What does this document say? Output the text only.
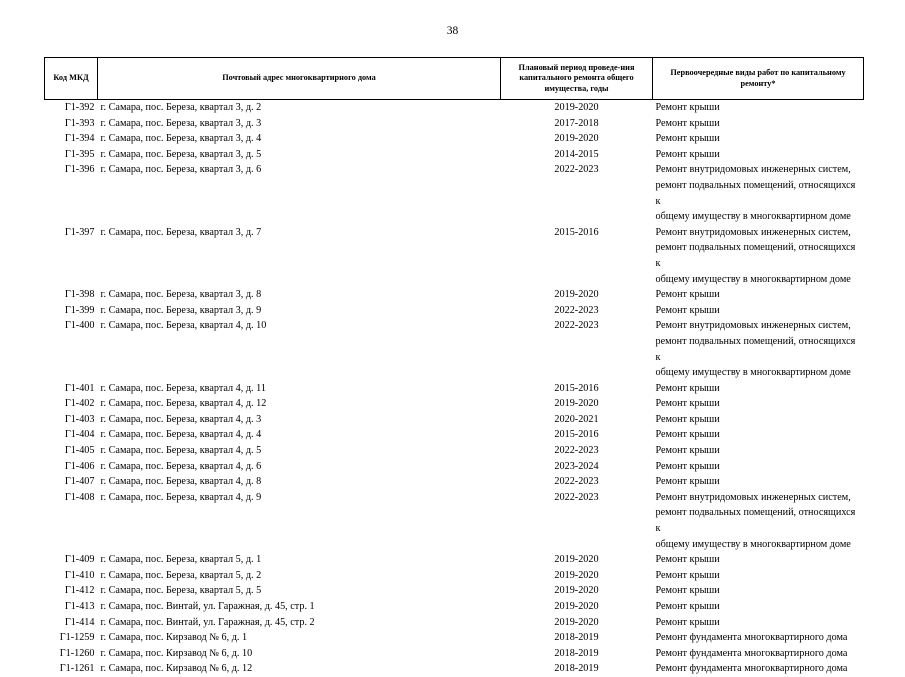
38
Код МКД	Почтовый адрес многоквартирного дома	Плановый период проведе-ния капитального ремонта общего имущества, годы	Первоочередные виды работ по капитальному ремонту*
Г1-392	г. Самара, пос. Береза, квартал 3, д. 2	2019-2020	Ремонт крыши

Г1-393	г. Самара, пос. Береза, квартал 3, д. 3	2017-2018	Ремонт крыши

Г1-394	г. Самара, пос. Береза, квартал 3, д. 4	2019-2020	Ремонт крыши

Г1-395	г. Самара, пос. Береза, квартал 3, д. 5	2014-2015	Ремонт крыши

Г1-396	г. Самара, пос. Береза, квартал 3, д. 6	2022-2023	Ремонт внутридомовых инженерных систем,
ремонт подвальных помещений, относящихся к
общему имуществу в многоквартирном доме

Г1-397	г. Самара, пос. Береза, квартал 3, д. 7	2015-2016	Ремонт внутридомовых инженерных систем,
ремонт подвальных помещений, относящихся к
общему имуществу в многоквартирном доме

Г1-398	г. Самара, пос. Береза, квартал 3, д. 8	2019-2020	Ремонт крыши

Г1-399	г. Самара, пос. Береза, квартал 3, д. 9	2022-2023	Ремонт крыши

Г1-400	г. Самара, пос. Береза, квартал 4, д. 10	2022-2023	Ремонт внутридомовых инженерных систем,
ремонт подвальных помещений, относящихся к
общему имуществу в многоквартирном доме

Г1-401	г. Самара, пос. Береза, квартал 4, д. 11	2015-2016	Ремонт крыши

Г1-402	г. Самара, пос. Береза, квартал 4, д. 12	2019-2020	Ремонт крыши

Г1-403	г. Самара, пос. Береза, квартал 4, д. 3	2020-2021	Ремонт крыши

Г1-404	г. Самара, пос. Береза, квартал 4, д. 4	2015-2016	Ремонт крыши

Г1-405	г. Самара, пос. Береза, квартал 4, д. 5	2022-2023	Ремонт крыши

Г1-406	г. Самара, пос. Береза, квартал 4, д. 6	2023-2024	Ремонт крыши

Г1-407	г. Самара, пос. Береза, квартал 4, д. 8	2022-2023	Ремонт крыши

Г1-408	г. Самара, пос. Береза, квартал 4, д. 9	2022-2023	Ремонт внутридомовых инженерных систем,
ремонт подвальных помещений, относящихся к
общему имуществу в многоквартирном доме

Г1-409	г. Самара, пос. Береза, квартал 5, д. 1	2019-2020	Ремонт крыши

Г1-410	г. Самара, пос. Береза, квартал 5, д. 2	2019-2020	Ремонт крыши

Г1-412	г. Самара, пос. Береза, квартал 5, д. 5	2019-2020	Ремонт крыши

Г1-413	г. Самара, пос. Винтай, ул. Гаражная, д. 45, стр. 1	2019-2020	Ремонт крыши

Г1-414	г. Самара, пос. Винтай, ул. Гаражная, д. 45, стр. 2	2019-2020	Ремонт крыши

Г1-1259	г. Самара, пос. Кирзавод № 6, д. 1	2018-2019	Ремонт фундамента многоквартирного дома

Г1-1260	г. Самара, пос. Кирзавод № 6, д. 10	2018-2019	Ремонт фундамента многоквартирного дома

Г1-1261	г. Самара, пос. Кирзавод № 6, д. 12	2018-2019	Ремонт фундамента многоквартирного дома
